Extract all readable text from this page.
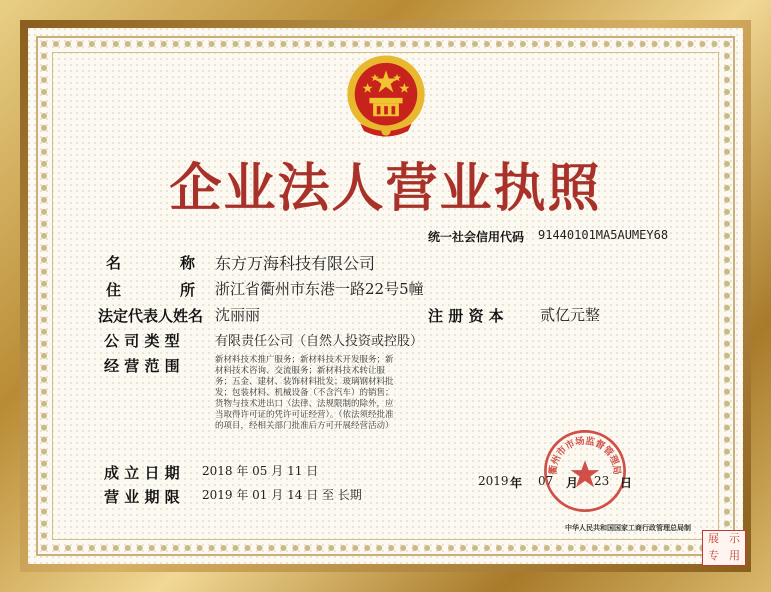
企业法人营业执照
统一社会信用代码 91440101MA5AUMEY68
名	称 东方万海科技有限公司
住	所 浙江省衢州市东港一路22号5幢
法定代表人姓名 沈丽丽	注 册 资 本 贰亿元整
公 司 类 型	有限责任公司（自然人投资或控股）
经 营 范 围	新材料技术推广服务；新材料技术开发服务；新材料技术咨询、交流服务；新材料技术转让服务；五金、建材、装饰材料批发；玻璃钢材料批发；包装材料、机械设备（不含汽车）的销售；货物与技术进出口（法律、法规限制的除外，应当取得许可证的凭许可证经营）。（依法须经批准的项目，经相关部门批准后方可开展经营活动）
成 立 日 期 2018 年 05 月 11 日
营 业 期 限 2019 年 01 月 14 日 至 长期
衢州市市场监督管理局
2019 年 07 月 23 日
中华人民共和国国家工商行政管理总局制
展 示
专 用
